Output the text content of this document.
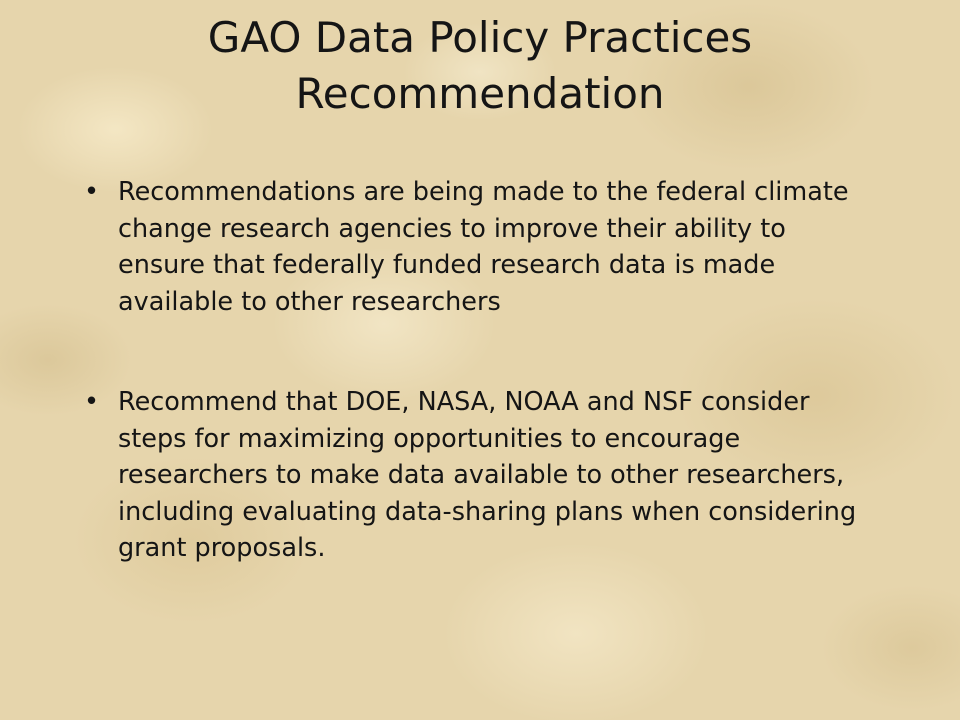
GAO Data Policy Practices
Recommendation
• Recommendations are being made to the federal climate change research agencies to improve their ability to ensure that federally funded research data is made available to other researchers
• Recommend that DOE, NASA, NOAA and NSF consider steps for maximizing opportunities to encourage researchers to make data available to other researchers, including evaluating data-sharing plans when considering grant proposals.
